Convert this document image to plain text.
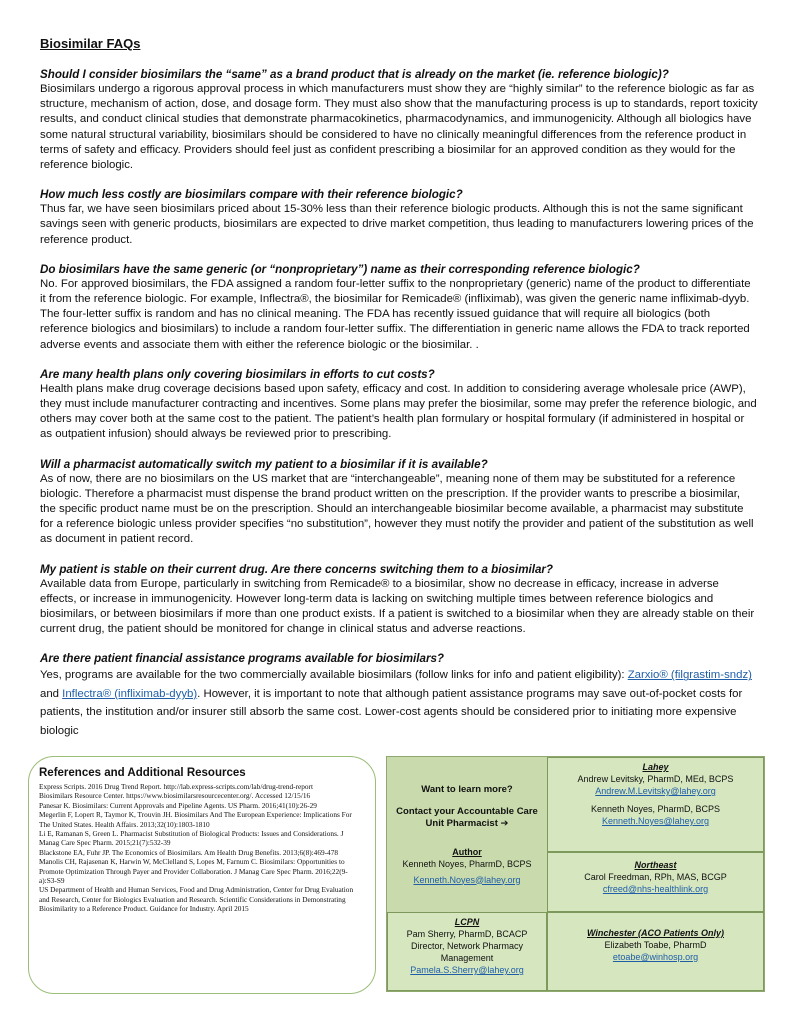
Biosimilar FAQs

Should I consider biosimilars the “same” as a brand product that is already on the market (ie. reference biologic)?

Biosimilars undergo a rigorous approval process in which manufacturers must show they are “highly similar” to the reference biologic as far as structure, mechanism of action, dose, and dosage form. They must also show that the manufacturing process is up to standards, report toxicity results, and conduct clinical studies that demonstrate pharmacokinetics, pharmacodynamics, and immunogenicity. Although all biologics have some natural structural variability, biosimilars should be considered to have no clinically meaningful differences from the reference product in terms of safety and efficacy. Providers should feel just as confident prescribing a biosimilar for an approved condition as they would for the reference biologic.

How much less costly are biosimilars compare with their reference biologic?

Thus far, we have seen biosimilars priced about 15-30% less than their reference biologic products. Although this is not the same significant savings seen with generic products, biosimilars are expected to drive market competition, thus leading to manufacturers lowering prices of the reference product.

Do biosimilars have the same generic (or “nonproprietary”) name as their corresponding reference biologic?

No. For approved biosimilars, the FDA assigned a random four-letter suffix to the nonproprietary (generic) name of the product to differentiate it from the reference biologic. For example, Inflectra®, the biosimilar for Remicade® (infliximab), was given the generic name infliximab-dyyb. The four-letter suffix is random and has no clinical meaning. The FDA has recently issued guidance that will require all biologics (both reference biologics and biosimilars) to include a random four-letter suffix. The differentiation in generic name allows the FDA to track reported adverse events and associate them with either the reference biologic or the biosimilar. .

Are many health plans only covering biosimilars in efforts to cut costs?

Health plans make drug coverage decisions based upon safety, efficacy and cost. In addition to considering average wholesale price (AWP), they must include manufacturer contracting and incentives. Some plans may prefer the biosimilar, some may prefer the reference biologic, and others may cover both at the same cost to the patient. The patient’s health plan formulary or hospital formulary (if administered in hospital or as outpatient infusion) should always be reviewed prior to prescribing.

Will a pharmacist automatically switch my patient to a biosimilar if it is available?

As of now, there are no biosimilars on the US market that are “interchangeable”, meaning none of them may be substituted for a reference biologic. Therefore a pharmacist must dispense the brand product written on the prescription. If the provider wants to prescribe a biosimilar, the specific product name must be on the prescription. Should an interchangeable biosimilar become available, a pharmacist may substitute for a reference biologic unless provider specifies “no substitution”, however they must notify the provider and patient of the substitution as well as document in patient record.

My patient is stable on their current drug. Are there concerns switching them to a biosimilar?

Available data from Europe, particularly in switching from Remicade® to a biosimilar, show no decrease in efficacy, increase in adverse effects, or increase in immunogenicity. However long-term data is lacking on switching multiple times between reference biologics and biosimilars, or between biosimilars if more than one product exists. If a patient is switched to a biosimilar when they are already stable on their current drug, the patient should be monitored for change in clinical status and adverse reactions.

Are there patient financial assistance programs available for biosimilars?

Yes, programs are available for the two commercially available biosimilars (follow links for info and patient eligibility): Zarxio® (filgrastim-sndz) and Inflectra® (infliximab-dyyb). However, it is important to note that although patient assistance programs may save out-of-pocket costs for patients, the institution and/or insurer still absorb the same cost. Lower-cost agents should be considered prior to initiating more expensive biologic

References and Additional Resources
Express Scripts. 2016 Drug Trend Report. http://lab.express-scripts.com/lab/drug-trend-report
Biosimilars Resource Center. https://www.biosimilarsresourcecenter.org/. Accessed 12/15/16
Panesar K. Biosimilars: Current Approvals and Pipeline Agents. US Pharm. 2016;41(10):26-29
Megerlin F, Lopert R, Taymor K, Trouvin JH. Biosimilars And The European Experience: Implications For The United States. Health Affairs. 2013;32(10):1803-1810
Li E, Ramanan S, Green L. Pharmacist Substitution of Biological Products: Issues and Considerations. J Manag Care Spec Pharm. 2015;21(7):532-39
Blackstone EA, Fuhr JP. The Economics of Biosimilars. Am Health Drug Benefits. 2013;6(8):469-478
Manolis CH, Rajasenan K, Harwin W, McClelland S, Lopes M, Farnum C. Biosimilars: Opportunities to Promote Optimization Through Payer and Provider Collaboration. J Manag Care Spec Pharm. 2016;22(9-a):S3-S9
US Department of Health and Human Services, Food and Drug Administration, Center for Drug Evaluation and Research, Center for Biologics Evaluation and Research. Scientific Considerations in Demonstrating Biosimilarity to a Reference Product. Guidance for Industry. April 2015
Want to learn more?
Contact your Accountable Care Unit Pharmacist ➔
Author
Kenneth Noyes, PharmD, BCPS
Kenneth.Noyes@lahey.org
Lahey
Andrew Levitsky, PharmD, MEd, BCPS
Andrew.M.Levitsky@lahey.org
Kenneth Noyes, PharmD, BCPS
Kenneth.Noyes@lahey.org
Northeast
Carol Freedman, RPh, MAS, BCGP
cfreed@nhs-healthlink.org
LCPN
Pam Sherry, PharmD, BCACP
Director, Network Pharmacy Management
Pamela.S.Sherry@lahey.org
Winchester (ACO Patients Only)
Elizabeth Toabe, PharmD
etoabe@winhosp.org
